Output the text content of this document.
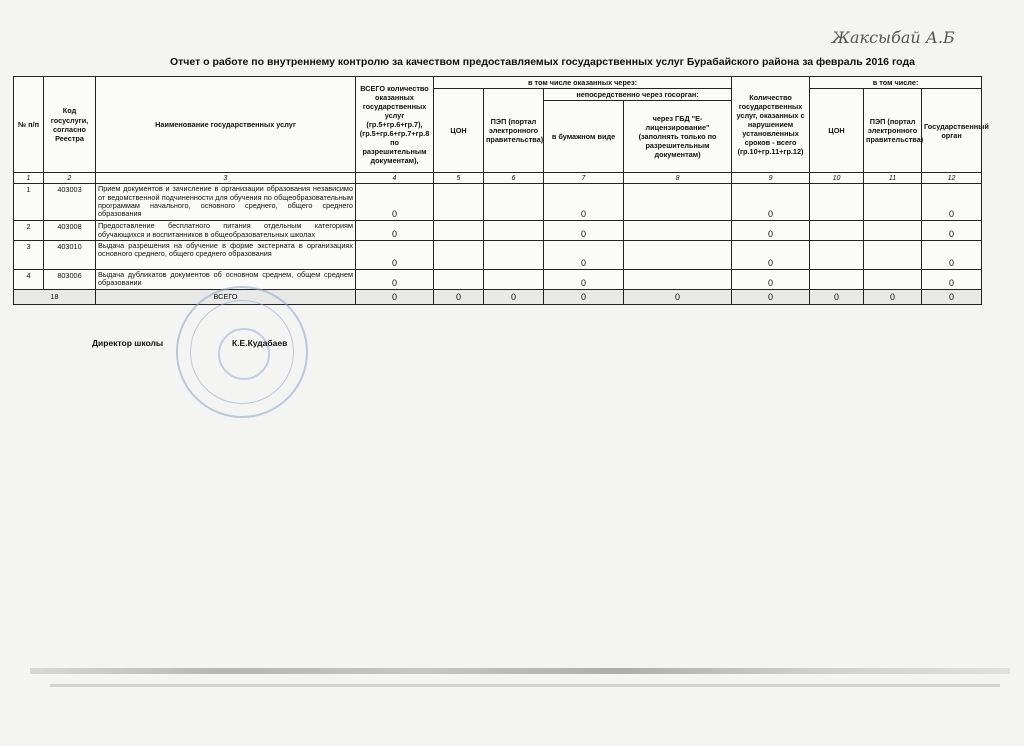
Жаксыбай А.Б
Отчет о работе по внутреннему контролю за качеством предоставляемых государственных услуг Бурабайского района за февраль 2016 года
№ п/п	Код госуслуги, согласно Реестра	Наименование государственных услуг	ВСЕГО количество оказанных государственных услуг (гр.5+гр.6+гр.7), (гр.5+гр.6+гр.7+гр.8 по разрешительным документам),	в том числе оказанных через:				Количество государственных услуг, оказанных с нарушением установленных сроков - всего (гр.10+гр.11+гр.12)	в том числе:		
				ЦОН	ПЭП (портал электронного правительства)	непосредственно через госорган:			ЦОН	ПЭП (портал электронного правительства)	Государственный орган
						в бумажном виде	через ГБД "Е-лицензирование" (заполнять только по разрешительным документам)				
1	2	3	4	5	6	7	8	9	10	11	12
1	403003	Прием документов и зачисление в организации образования независимо от ведомственной подчиненности для обучения по общеобразовательным программам начального, основного среднего, общего среднего образования	0			0		0			0
2	403008	Предоставление бесплатного питания отдельным категориям обучающихся и воспитанников в общеобразовательных школах	0			0		0			0
3	403010	Выдача разрешения на обучение в форме экстерната в организациях основного среднего, общего среднего образования	0			0		0			0
4	803006	Выдача дубликатов документов об основном среднем, общем среднем образовании	0			0		0			0
18		ВСЕГО	0	0	0	0	0	0	0	0	0
Директор школы	К.Е.Кудабаев
